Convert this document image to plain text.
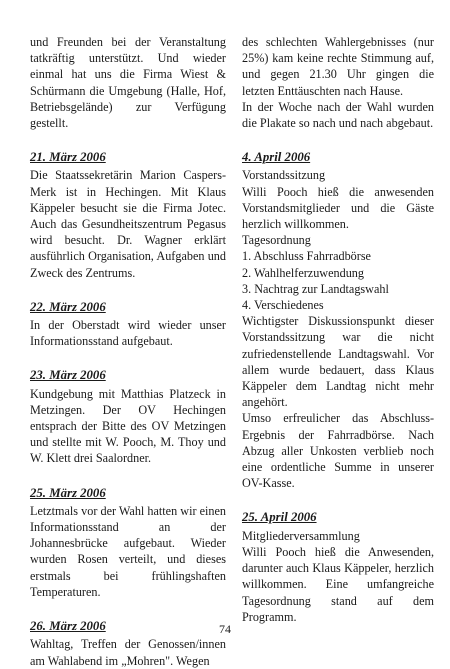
und Freunden bei der Veranstaltung tatkräftig unterstützt. Und wieder einmal hat uns die Firma Wiest & Schürmann die Umgebung (Halle, Hof, Betriebsgelände) zur Verfügung gestellt.

21. März 2006

Die Staatssekretärin Marion Caspers-Merk ist in Hechingen. Mit Klaus Käppeler besucht sie die Firma Jotec. Auch das Gesundheitszentrum Pegasus wird besucht. Dr. Wagner erklärt ausführlich Organisation, Aufgaben und Zweck des Zentrums.

22. März 2006

In der Oberstadt wird wieder unser Informationsstand aufgebaut.

23. März 2006

Kundgebung mit Matthias Platzeck in Metzingen. Der OV Hechingen entsprach der Bitte des OV Metzingen und stellte mit W. Pooch, M. Thoy und W. Klett drei Saalordner.

25. März 2006

Letztmals vor der Wahl hatten wir einen Informationsstand an der Johannesbrücke aufgebaut. Wieder wurden Rosen verteilt, und dieses erstmals bei frühlingshaften Temperaturen.

26. März 2006

Wahltag, Treffen der Genossen/innen am Wahlabend im „Mohren". Wegen

des schlechten Wahlergebnisses (nur 25%) kam keine rechte Stimmung auf, und gegen 21.30 Uhr gingen die letzten Enttäuschten nach Hause.

In der Woche nach der Wahl wurden die Plakate so nach und nach abgebaut.

4. April 2006
Vorstandssitzung

Willi Pooch hieß die anwesenden Vorstandsmitglieder und die Gäste herzlich willkommen.

Tagesordnung
1. Abschluss Fahrradbörse
2. Wahlhelferzuwendung
3. Nachtrag zur Landtagswahl
4. Verschiedenes

Wichtigster Diskussionspunkt dieser Vorstandssitzung war die nicht zufriedenstellende Landtagswahl. Vor allem wurde bedauert, dass Klaus Käppeler dem Landtag nicht mehr angehört.

Umso erfreulicher das Abschluss-Ergebnis der Fahrradbörse. Nach Abzug aller Unkosten verblieb noch eine ordentliche Summe in unserer OV-Kasse.

25. April 2006
Mitgliederversammlung

Willi Pooch hieß die Anwesenden, darunter auch Klaus Käppeler, herzlich willkommen. Eine umfangreiche Tagesordnung stand auf dem Programm.

74
